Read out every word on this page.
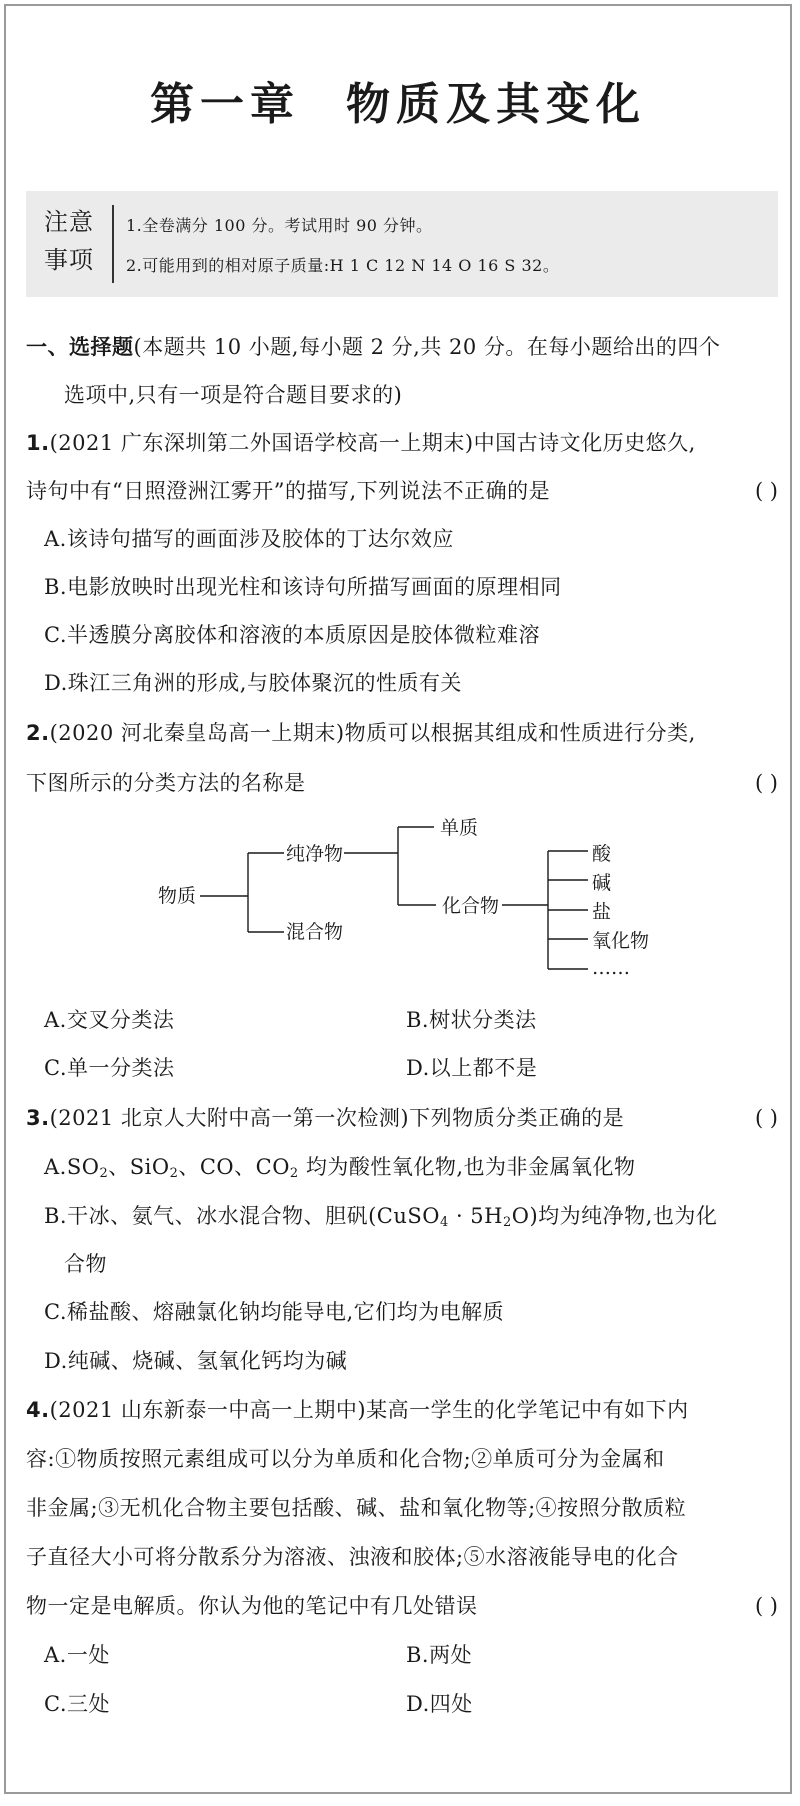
第一章 物质及其变化
注意
事项
1.全卷满分 100 分。考试用时 90 分钟。
2.可能用到的相对原子质量:H 1 C 12 N 14 O 16 S 32。
一、选择题(本题共 10 小题,每小题 2 分,共 20 分。在每小题给出的四个
选项中,只有一项是符合题目要求的)
1.(2021 广东深圳第二外国语学校高一上期末)中国古诗文化历史悠久,
诗句中有“日照澄洲江雾开”的描写,下列说法不正确的是	( )
A.该诗句描写的画面涉及胶体的丁达尔效应
B.电影放映时出现光柱和该诗句所描写画面的原理相同
C.半透膜分离胶体和溶液的本质原因是胶体微粒难溶
D.珠江三角洲的形成,与胶体聚沉的性质有关
2.(2020 河北秦皇岛高一上期末)物质可以根据其组成和性质进行分类,
下图所示的分类方法的名称是	( )
A.交叉分类法	B.树状分类法
C.单一分类法	D.以上都不是
3.(2021 北京人大附中高一第一次检测)下列物质分类正确的是	( )
$A.SO_2$、SiO$_2$、CO、$CO_2$ 均为酸性氧化物,也为非金属氧化物
B.干冰、氨气、冰水混合物、胆矾(CuSO$_4$ · $5H_2O$)均为纯净物,也为化
合物
C.稀盐酸、熔融氯化钠均能导电,它们均为电解质
D.纯碱、烧碱、氢氧化钙均为碱
4.(2021 山东新泰一中高一上期中)某高一学生的化学笔记中有如下内
容:①物质按照元素组成可以分为单质和化合物;②单质可分为金属和
非金属;③无机化合物主要包括酸、碱、盐和氧化物等;④按照分散质粒
子直径大小可将分散系分为溶液、浊液和胶体;⑤水溶液能导电的化合
物一定是电解质。你认为他的笔记中有几处错误	( )
A.一处	B.两处
C.三处	D.四处
物质
纯净物
混合物
单质
化合物
酸
碱
盐
氧化物
……
